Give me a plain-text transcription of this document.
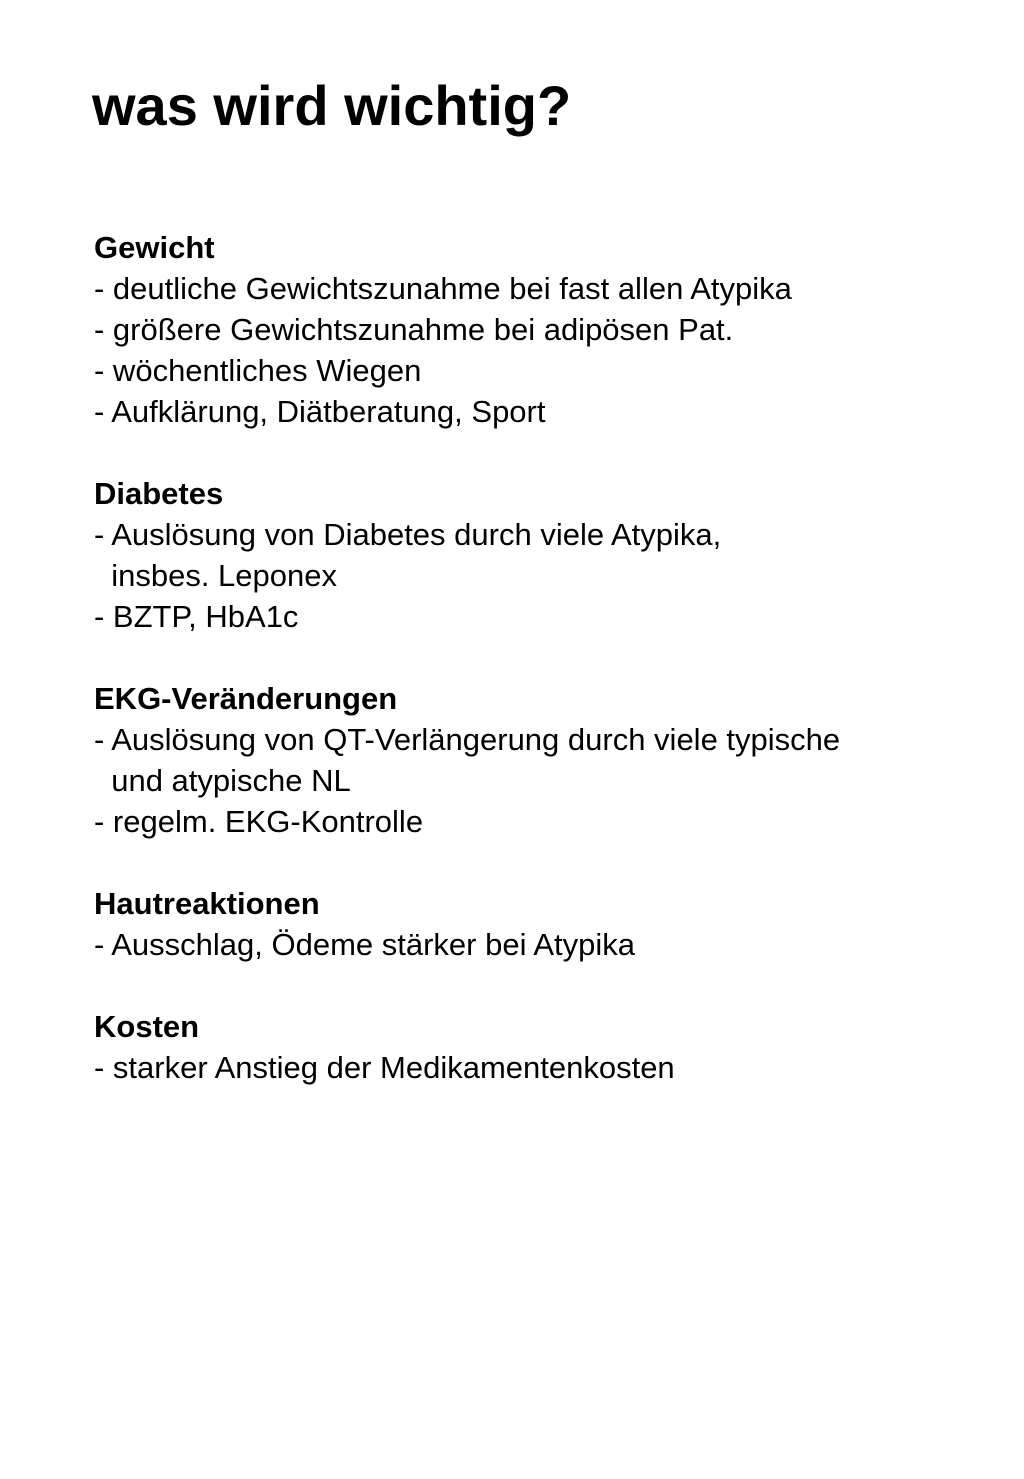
was wird wichtig?
Gewicht
- deutliche Gewichtszunahme bei fast allen Atypika
- größere Gewichtszunahme bei adipösen Pat.
- wöchentliches Wiegen
- Aufklärung, Diätberatung, Sport
Diabetes
- Auslösung von Diabetes durch viele Atypika,
insbes. Leponex
- BZTP, HbA1c
EKG-Veränderungen
- Auslösung von QT-Verlängerung durch viele typische
und atypische NL
- regelm. EKG-Kontrolle
Hautreaktionen
- Ausschlag, Ödeme stärker bei Atypika
Kosten
- starker Anstieg der Medikamentenkosten
